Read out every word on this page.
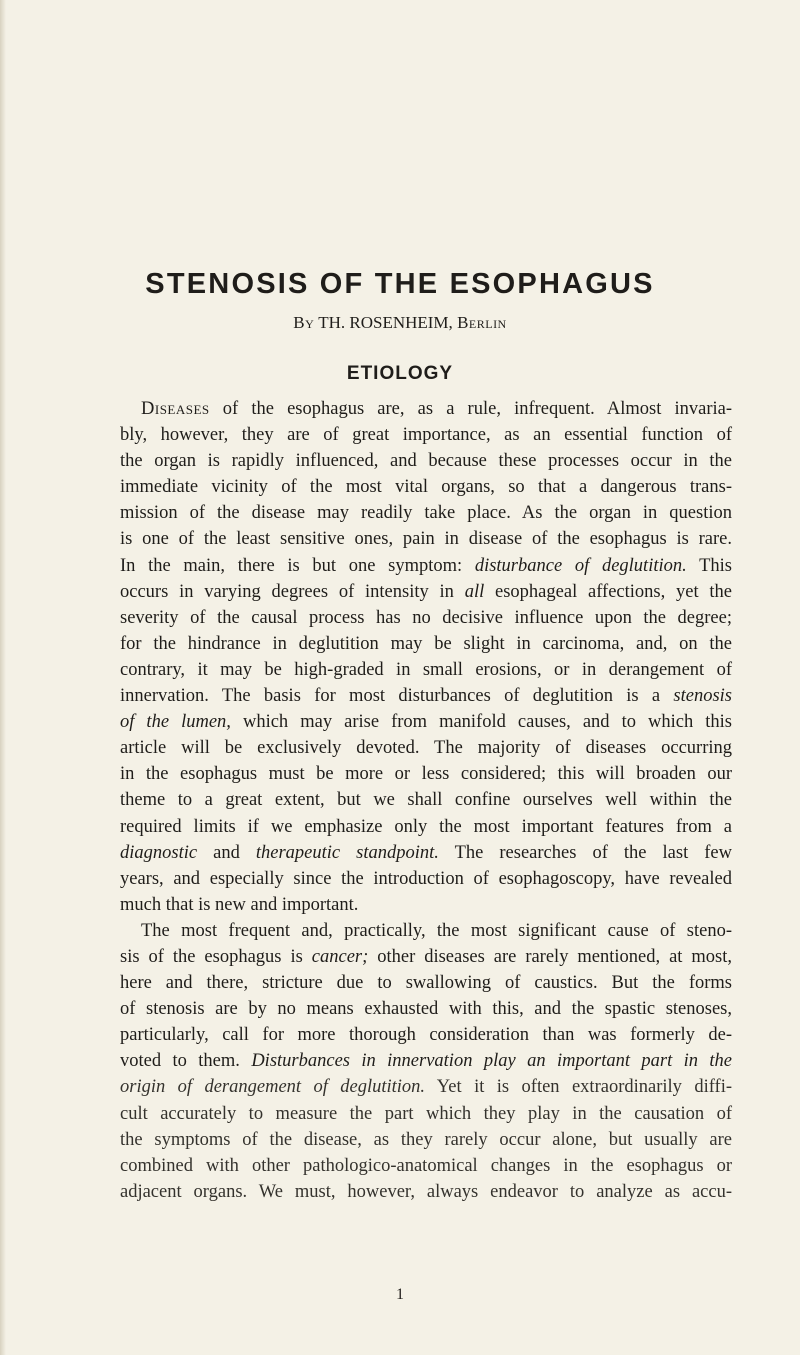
STENOSIS OF THE ESOPHAGUS

By TH. ROSENHEIM, Berlin

ETIOLOGY
Diseases of the esophagus are, as a rule, infrequent. Almost invaria-
bly, however, they are of great importance, as an essential function of
the organ is rapidly influenced, and because these processes occur in the
immediate vicinity of the most vital organs, so that a dangerous trans-
mission of the disease may readily take place. As the organ in question
is one of the least sensitive ones, pain in disease of the esophagus is rare.
In the main, there is but one symptom: disturbance of deglutition. This
occurs in varying degrees of intensity in all esophageal affections, yet the
severity of the causal process has no decisive influence upon the degree;
for the hindrance in deglutition may be slight in carcinoma, and, on the
contrary, it may be high-graded in small erosions, or in derangement of
innervation. The basis for most disturbances of deglutition is a stenosis
of the lumen, which may arise from manifold causes, and to which this
article will be exclusively devoted. The majority of diseases occurring
in the esophagus must be more or less considered; this will broaden our
theme to a great extent, but we shall confine ourselves well within the
required limits if we emphasize only the most important features from a
diagnostic and therapeutic standpoint. The researches of the last few
years, and especially since the introduction of esophagoscopy, have revealed
much that is new and important.
The most frequent and, practically, the most significant cause of steno-
sis of the esophagus is cancer; other diseases are rarely mentioned, at most,
here and there, stricture due to swallowing of caustics. But the forms
of stenosis are by no means exhausted with this, and the spastic stenoses,
particularly, call for more thorough consideration than was formerly de-
voted to them. Disturbances in innervation play an important part in the
origin of derangement of deglutition. Yet it is often extraordinarily diffi-
cult accurately to measure the part which they play in the causation of
the symptoms of the disease, as they rarely occur alone, but usually are
combined with other pathologico-anatomical changes in the esophagus or
adjacent organs. We must, however, always endeavor to analyze as accu-

1
